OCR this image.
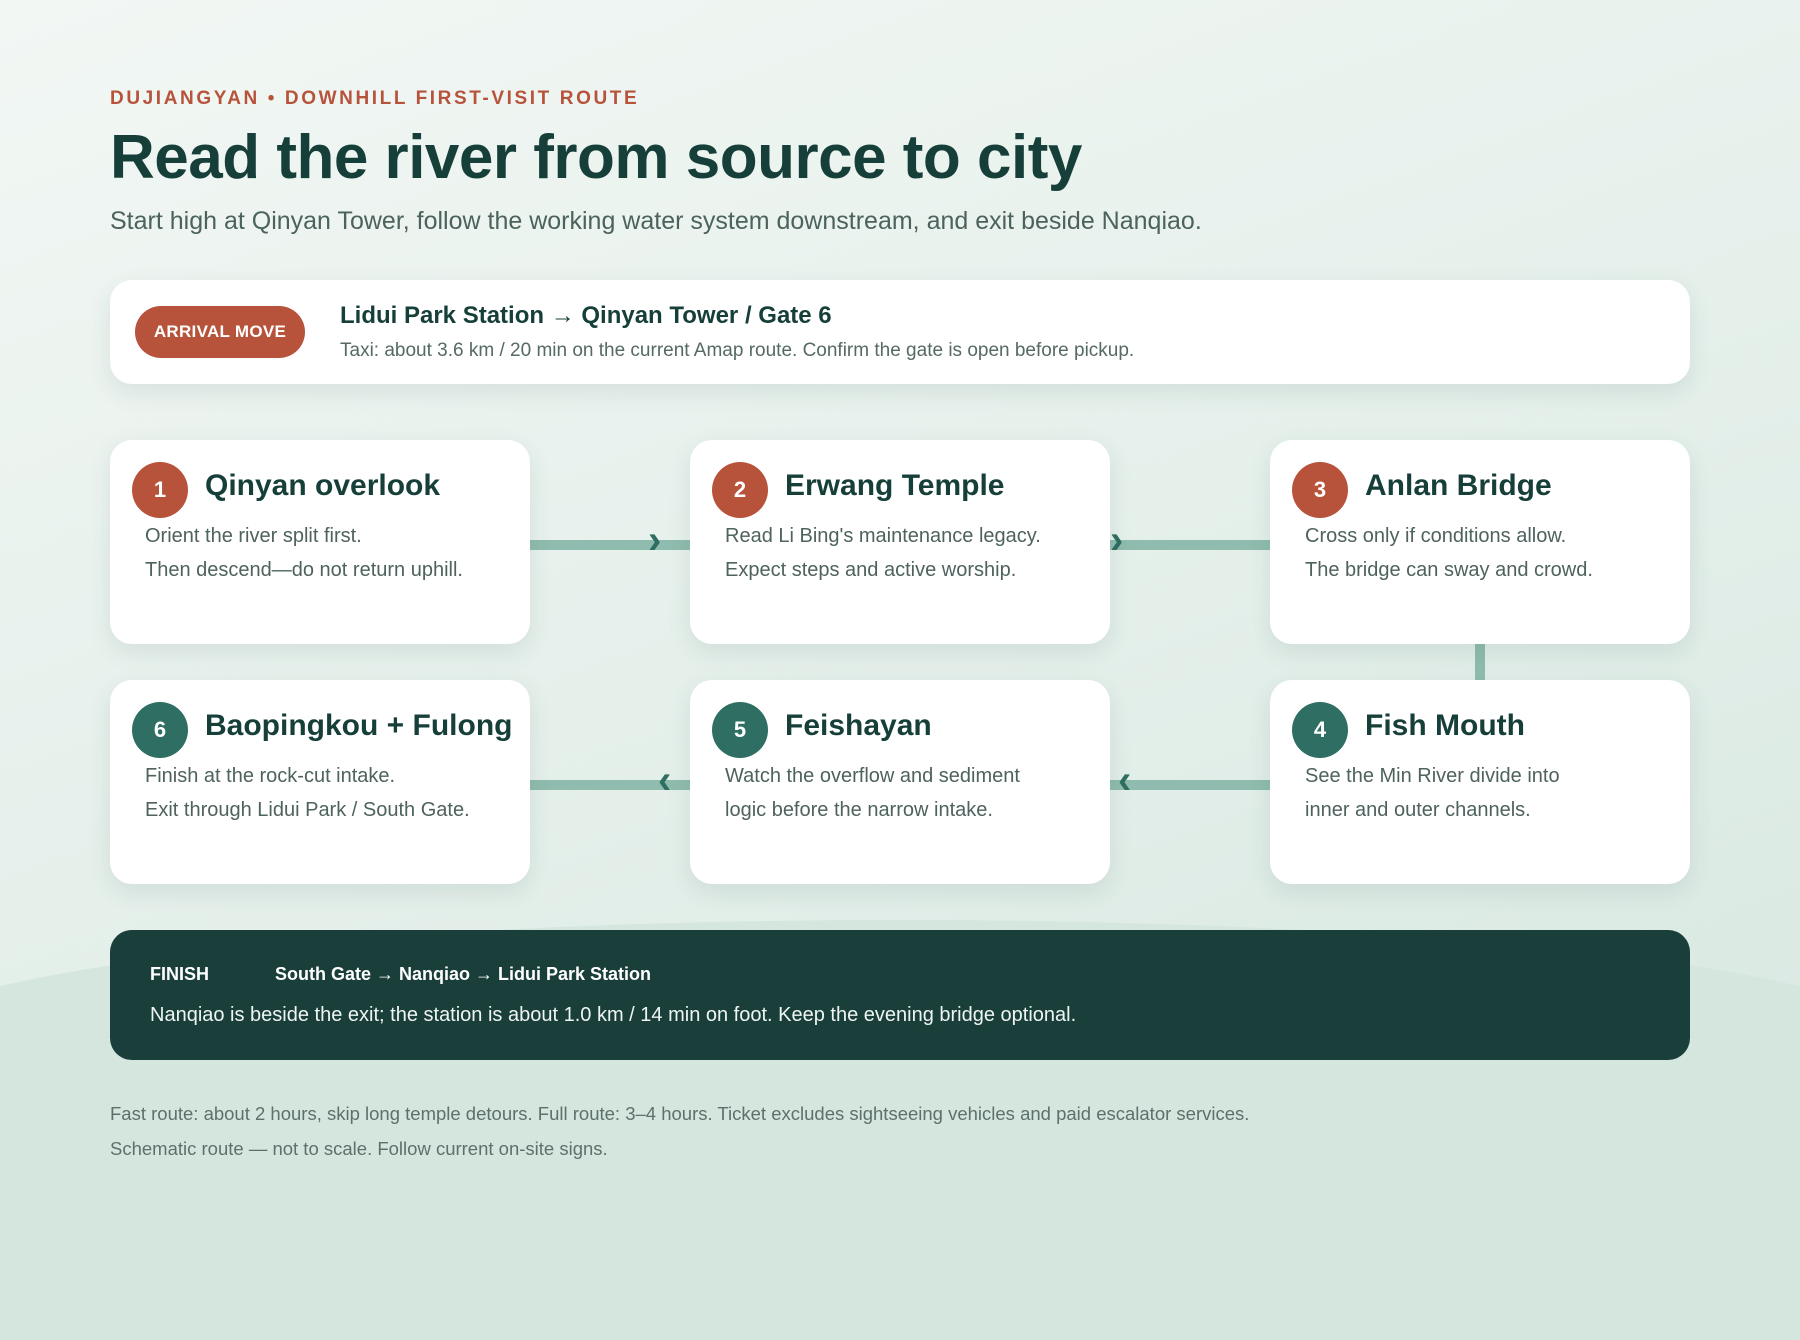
DUJIANGYAN • DOWNHILL FIRST-VISIT ROUTE
Read the river from source to city
Start high at Qinyan Tower, follow the working water system downstream, and exit beside Nanqiao.
ARRIVAL MOVE
Lidui Park Station → Qinyan Tower / Gate 6
Taxi: about 3.6 km / 20 min on the current Amap route. Confirm the gate is open before pickup.
›	›
‹
‹
1	Qinyan overlook
Orient the river split first.
Then descend—do not return uphill.
2	Erwang Temple
Read Li Bing's maintenance legacy.
Expect steps and active worship.
3	Anlan Bridge
Cross only if conditions allow.
The bridge can sway and crowd.
4	Fish Mouth
See the Min River divide into
inner and outer channels.
5	Feishayan
Watch the overflow and sediment
logic before the narrow intake.
6	Baopingkou + Fulong
Finish at the rock-cut intake.
Exit through Lidui Park / South Gate.
FINISH	South Gate → Nanqiao → Lidui Park Station
Nanqiao is beside the exit; the station is about 1.0 km / 14 min on foot. Keep the evening bridge optional.
Fast route: about 2 hours, skip long temple detours. Full route: 3–4 hours. Ticket excludes sightseeing vehicles and paid escalator services.
Schematic route — not to scale. Follow current on-site signs.
